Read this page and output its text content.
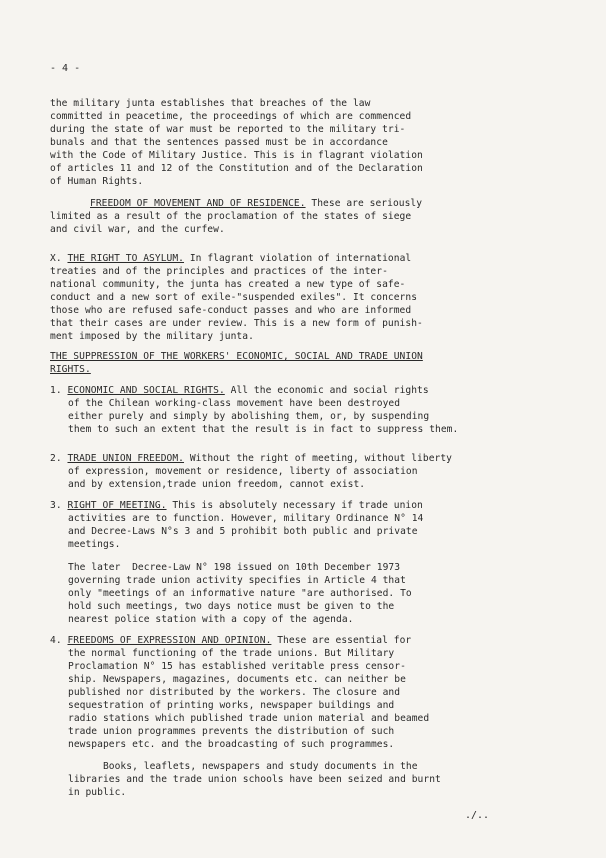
- 4 -
the military junta establishes that breaches of the law
committed in peacetime, the proceedings of which are commenced
during the state of war must be reported to the military tri-
bunals and that the sentences passed must be in accordance
with the Code of Military Justice. This is in flagrant violation
of articles 11 and 12 of the Constitution and of the Declaration
of Human Rights.
FREEDOM OF MOVEMENT AND OF RESIDENCE. These are seriously
limited as a result of the proclamation of the states of siege
and civil war, and the curfew.
X. THE RIGHT TO ASYLUM. In flagrant violation of international
treaties and of the principles and practices of the inter-
national community, the junta has created a new type of safe-
conduct and a new sort of exile-"suspended exiles". It concerns
those who are refused safe-conduct passes and who are informed
that their cases are under review. This is a new form of punish-
ment imposed by the military junta.
THE SUPPRESSION OF THE WORKERS' ECONOMIC, SOCIAL AND TRADE UNION
RIGHTS.
1. ECONOMIC AND SOCIAL RIGHTS. All the economic and social rights
of the Chilean working-class movement have been destroyed
either purely and simply by abolishing them, or, by suspending
them to such an extent that the result is in fact to suppress them.
2. TRADE UNION FREEDOM. Without the right of meeting, without liberty
of expression, movement or residence, liberty of association
and by extension,trade union freedom, cannot exist.
3. RIGHT OF MEETING. This is absolutely necessary if trade union
activities are to function. However, military Ordinance N° 14
and Decree-Laws N°s 3 and 5 prohibit both public and private
meetings.
The later  Decree-Law N° 198 issued on 10th December 1973
governing trade union activity specifies in Article 4 that
only "meetings of an informative nature "are authorised. To
hold such meetings, two days notice must be given to the
nearest police station with a copy of the agenda.
4. FREEDOMS OF EXPRESSION AND OPINION. These are essential for
the normal functioning of the trade unions. But Military
Proclamation N° 15 has established veritable press censor-
ship. Newspapers, magazines, documents etc. can neither be
published nor distributed by the workers. The closure and
sequestration of printing works, newspaper buildings and
radio stations which published trade union material and beamed
trade union programmes prevents the distribution of such
newspapers etc. and the broadcasting of such programmes.
Books, leaflets, newspapers and study documents in the
libraries and the trade union schools have been seized and burnt
in public.
./..
